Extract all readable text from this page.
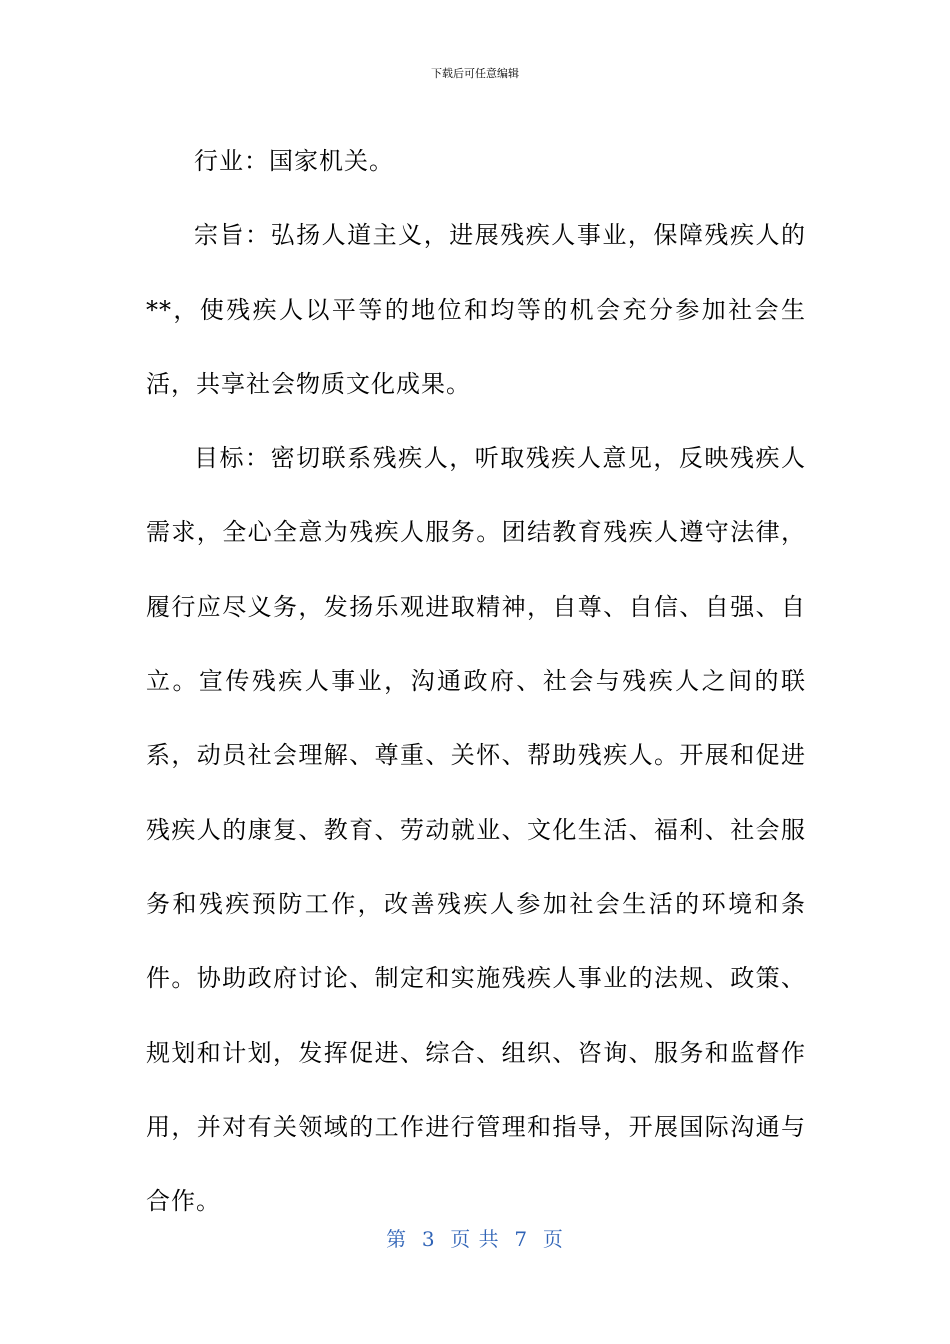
下载后可任意编辑

行业：国家机关。

宗旨：弘扬人道主义，进展残疾人事业，保障残疾人的**，使残疾人以平等的地位和均等的机会充分参加社会生活，共享社会物质文化成果。

目标：密切联系残疾人，听取残疾人意见，反映残疾人需求，全心全意为残疾人服务。团结教育残疾人遵守法律，履行应尽义务，发扬乐观进取精神，自尊、自信、自强、自立。宣传残疾人事业，沟通政府、社会与残疾人之间的联系，动员社会理解、尊重、关怀、帮助残疾人。开展和促进残疾人的康复、教育、劳动就业、文化生活、福利、社会服务和残疾预防工作，改善残疾人参加社会生活的环境和条件。协助政府讨论、制定和实施残疾人事业的法规、政策、规划和计划，发挥促进、综合、组织、咨询、服务和监督作用，并对有关领域的工作进行管理和指导，开展国际沟通与合作。

第  3  页 共  7  页
